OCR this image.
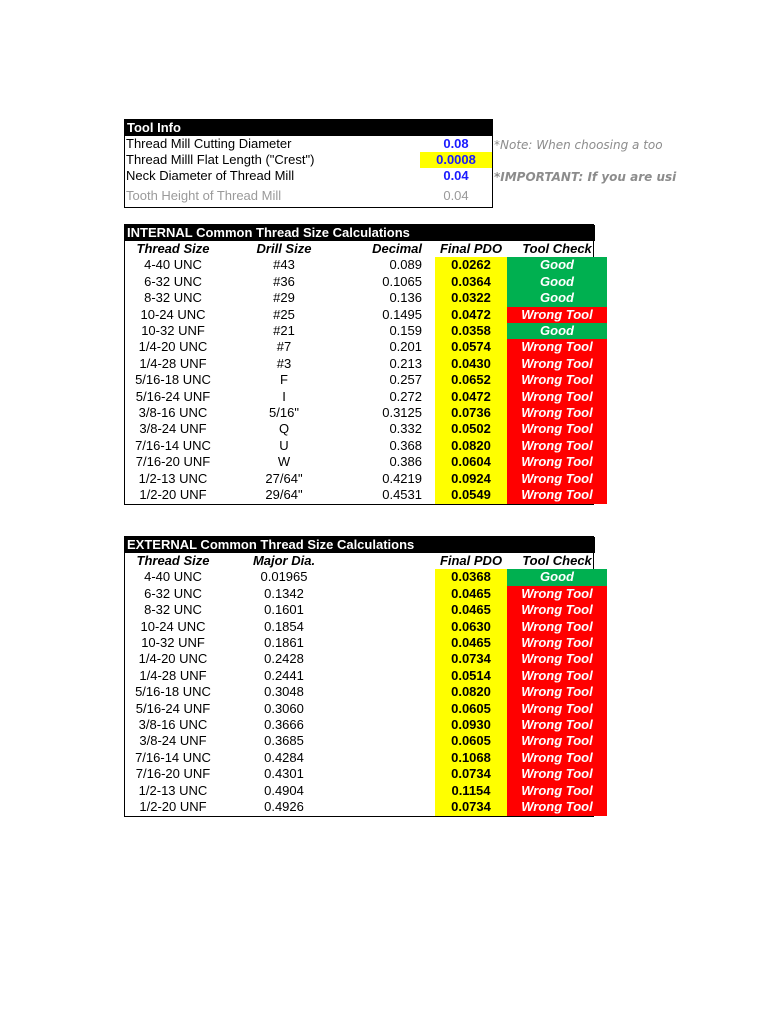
Tool Info
Thread Mill Cutting Diameter	0.08
Thread Milll Flat Length ("Crest")	0.0008
Neck Diameter of Thread Mill	0.04
Tooth Height of Thread Mill	0.04
*Note: When choosing a too
*IMPORTANT: If you are usi
INTERNAL Common Thread Size Calculations
Thread Size	Drill Size	Decimal	Final PDO	Tool Check
4-40 UNC	#43	0.089	0.0262	Good
6-32 UNC	#36	0.1065	0.0364	Good
8-32 UNC	#29	0.136	0.0322	Good
10-24 UNC	#25	0.1495	0.0472	Wrong Tool
10-32 UNF	#21	0.159	0.0358	Good
1/4-20 UNC	#7	0.201	0.0574	Wrong Tool
1/4-28 UNF	#3	0.213	0.0430	Wrong Tool
5/16-18 UNC	F	0.257	0.0652	Wrong Tool
5/16-24 UNF	I	0.272	0.0472	Wrong Tool
3/8-16 UNC	5/16"	0.3125	0.0736	Wrong Tool
3/8-24 UNF	Q	0.332	0.0502	Wrong Tool
7/16-14 UNC	U	0.368	0.0820	Wrong Tool
7/16-20 UNF	W	0.386	0.0604	Wrong Tool
1/2-13 UNC	27/64"	0.4219	0.0924	Wrong Tool
1/2-20 UNF	29/64"	0.4531	0.0549	Wrong Tool
EXTERNAL Common Thread Size Calculations
Thread Size	Major Dia.		Final PDO	Tool Check
4-40 UNC	0.01965		0.0368	Good
6-32 UNC	0.1342		0.0465	Wrong Tool
8-32 UNC	0.1601		0.0465	Wrong Tool
10-24 UNC	0.1854		0.0630	Wrong Tool
10-32 UNF	0.1861		0.0465	Wrong Tool
1/4-20 UNC	0.2428		0.0734	Wrong Tool
1/4-28 UNF	0.2441		0.0514	Wrong Tool
5/16-18 UNC	0.3048		0.0820	Wrong Tool
5/16-24 UNF	0.3060		0.0605	Wrong Tool
3/8-16 UNC	0.3666		0.0930	Wrong Tool
3/8-24 UNF	0.3685		0.0605	Wrong Tool
7/16-14 UNC	0.4284		0.1068	Wrong Tool
7/16-20 UNF	0.4301		0.0734	Wrong Tool
1/2-13 UNC	0.4904		0.1154	Wrong Tool
1/2-20 UNF	0.4926		0.0734	Wrong Tool
